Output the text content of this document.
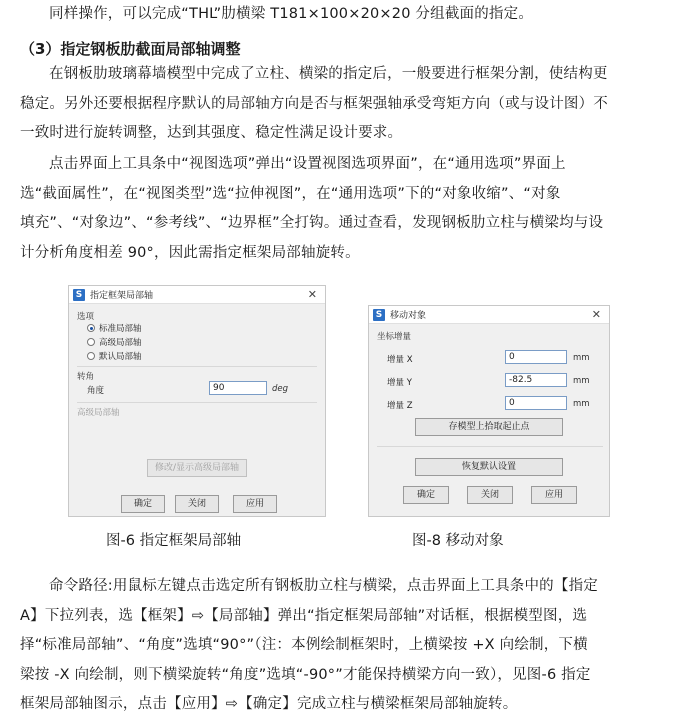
同样操作，可以完成“THL”肋横梁 T181×100×20×20 分组截面的指定。
（3）指定钢板肋截面局部轴调整
在钢板肋玻璃幕墙模型中完成了立柱、横梁的指定后，一般要进行框架分割，使结构更
稳定。另外还要根据程序默认的局部轴方向是否与框架强轴承受弯矩方向（或与设计图）不
一致时进行旋转调整，达到其强度、稳定性满足设计要求。
点击界面上工具条中“视图选项”弹出“设置视图选项界面”，在“通用选项”界面上
选“截面属性”，在“视图类型”选“拉伸视图”，在“通用选项”下的“对象收缩”、“对象
填充”、“对象边”、“参考线”、“边界框”全打钩。通过查看，发现钢板肋立柱与横梁均与设
计分析角度相差 90°，因此需指定框架局部轴旋转。
S 指定框架局部轴	✕
选项
标准局部轴
高级局部轴
默认局部轴
转角
角度	90	deg
高级局部轴
修改/显示高级局部轴
确定	关闭	应用
S 移动对象	✕
坐标增量
增量 X	0	mm
增量 Y	-82.5	mm
增量 Z	0	mm
存模型上拾取起止点
恢复默认设置
确定	关闭	应用
图-6 指定框架局部轴	图-8 移动对象
命令路径:用鼠标左键点击选定所有钢板肋立柱与横梁，点击界面上工具条中的【指定
A】下拉列表，选【框架】⇨【局部轴】弹出“指定框架局部轴”对话框，根据模型图，选
择“标准局部轴”、“角度”选填“90°”（注：本例绘制框架时，上横梁按 +X 向绘制，下横
梁按 -X 向绘制，则下横梁旋转“角度”选填“-90°”才能保持横梁方向一致），见图-6 指定
框架局部轴图示，点击【应用】⇨【确定】完成立柱与横梁框架局部轴旋转。
